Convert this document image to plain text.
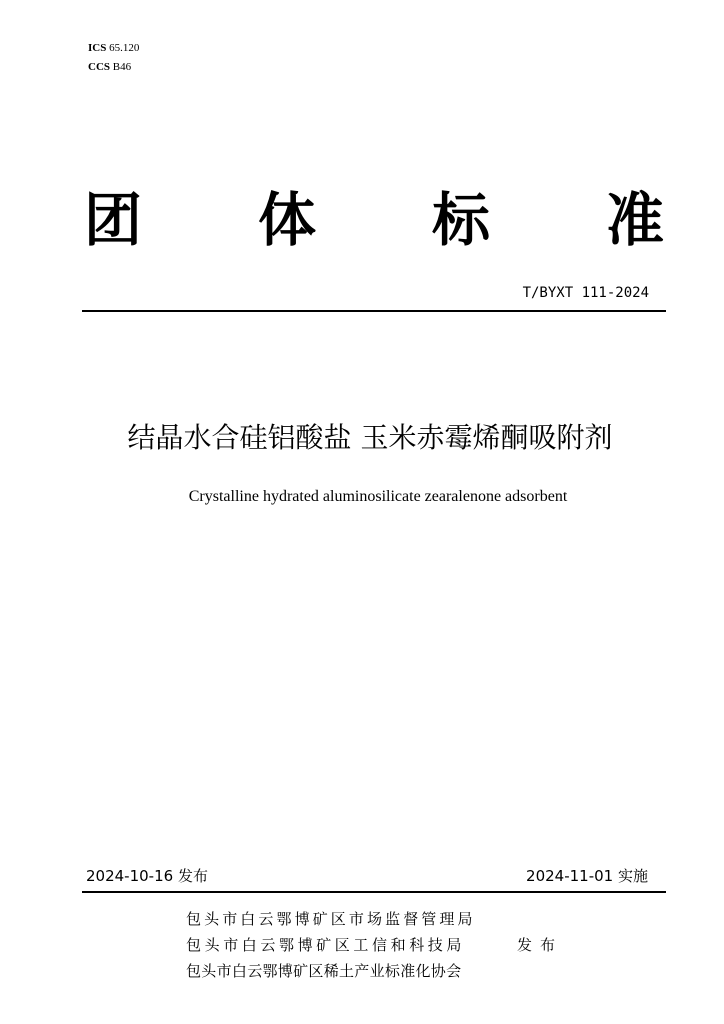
ICS 65.120
CCS B46
团 体 标 准
T/BYXT 111-2024
结晶水合硅铝酸盐 玉米赤霉烯酮吸附剂
Crystalline hydrated aluminosilicate zearalenone adsorbent
2024-10-16 发布	2024-11-01 实施
包头市白云鄂博矿区市场监督管理局
包头市白云鄂博矿区工信和科技局
包头市白云鄂博矿区稀土产业标准化协会
发布
